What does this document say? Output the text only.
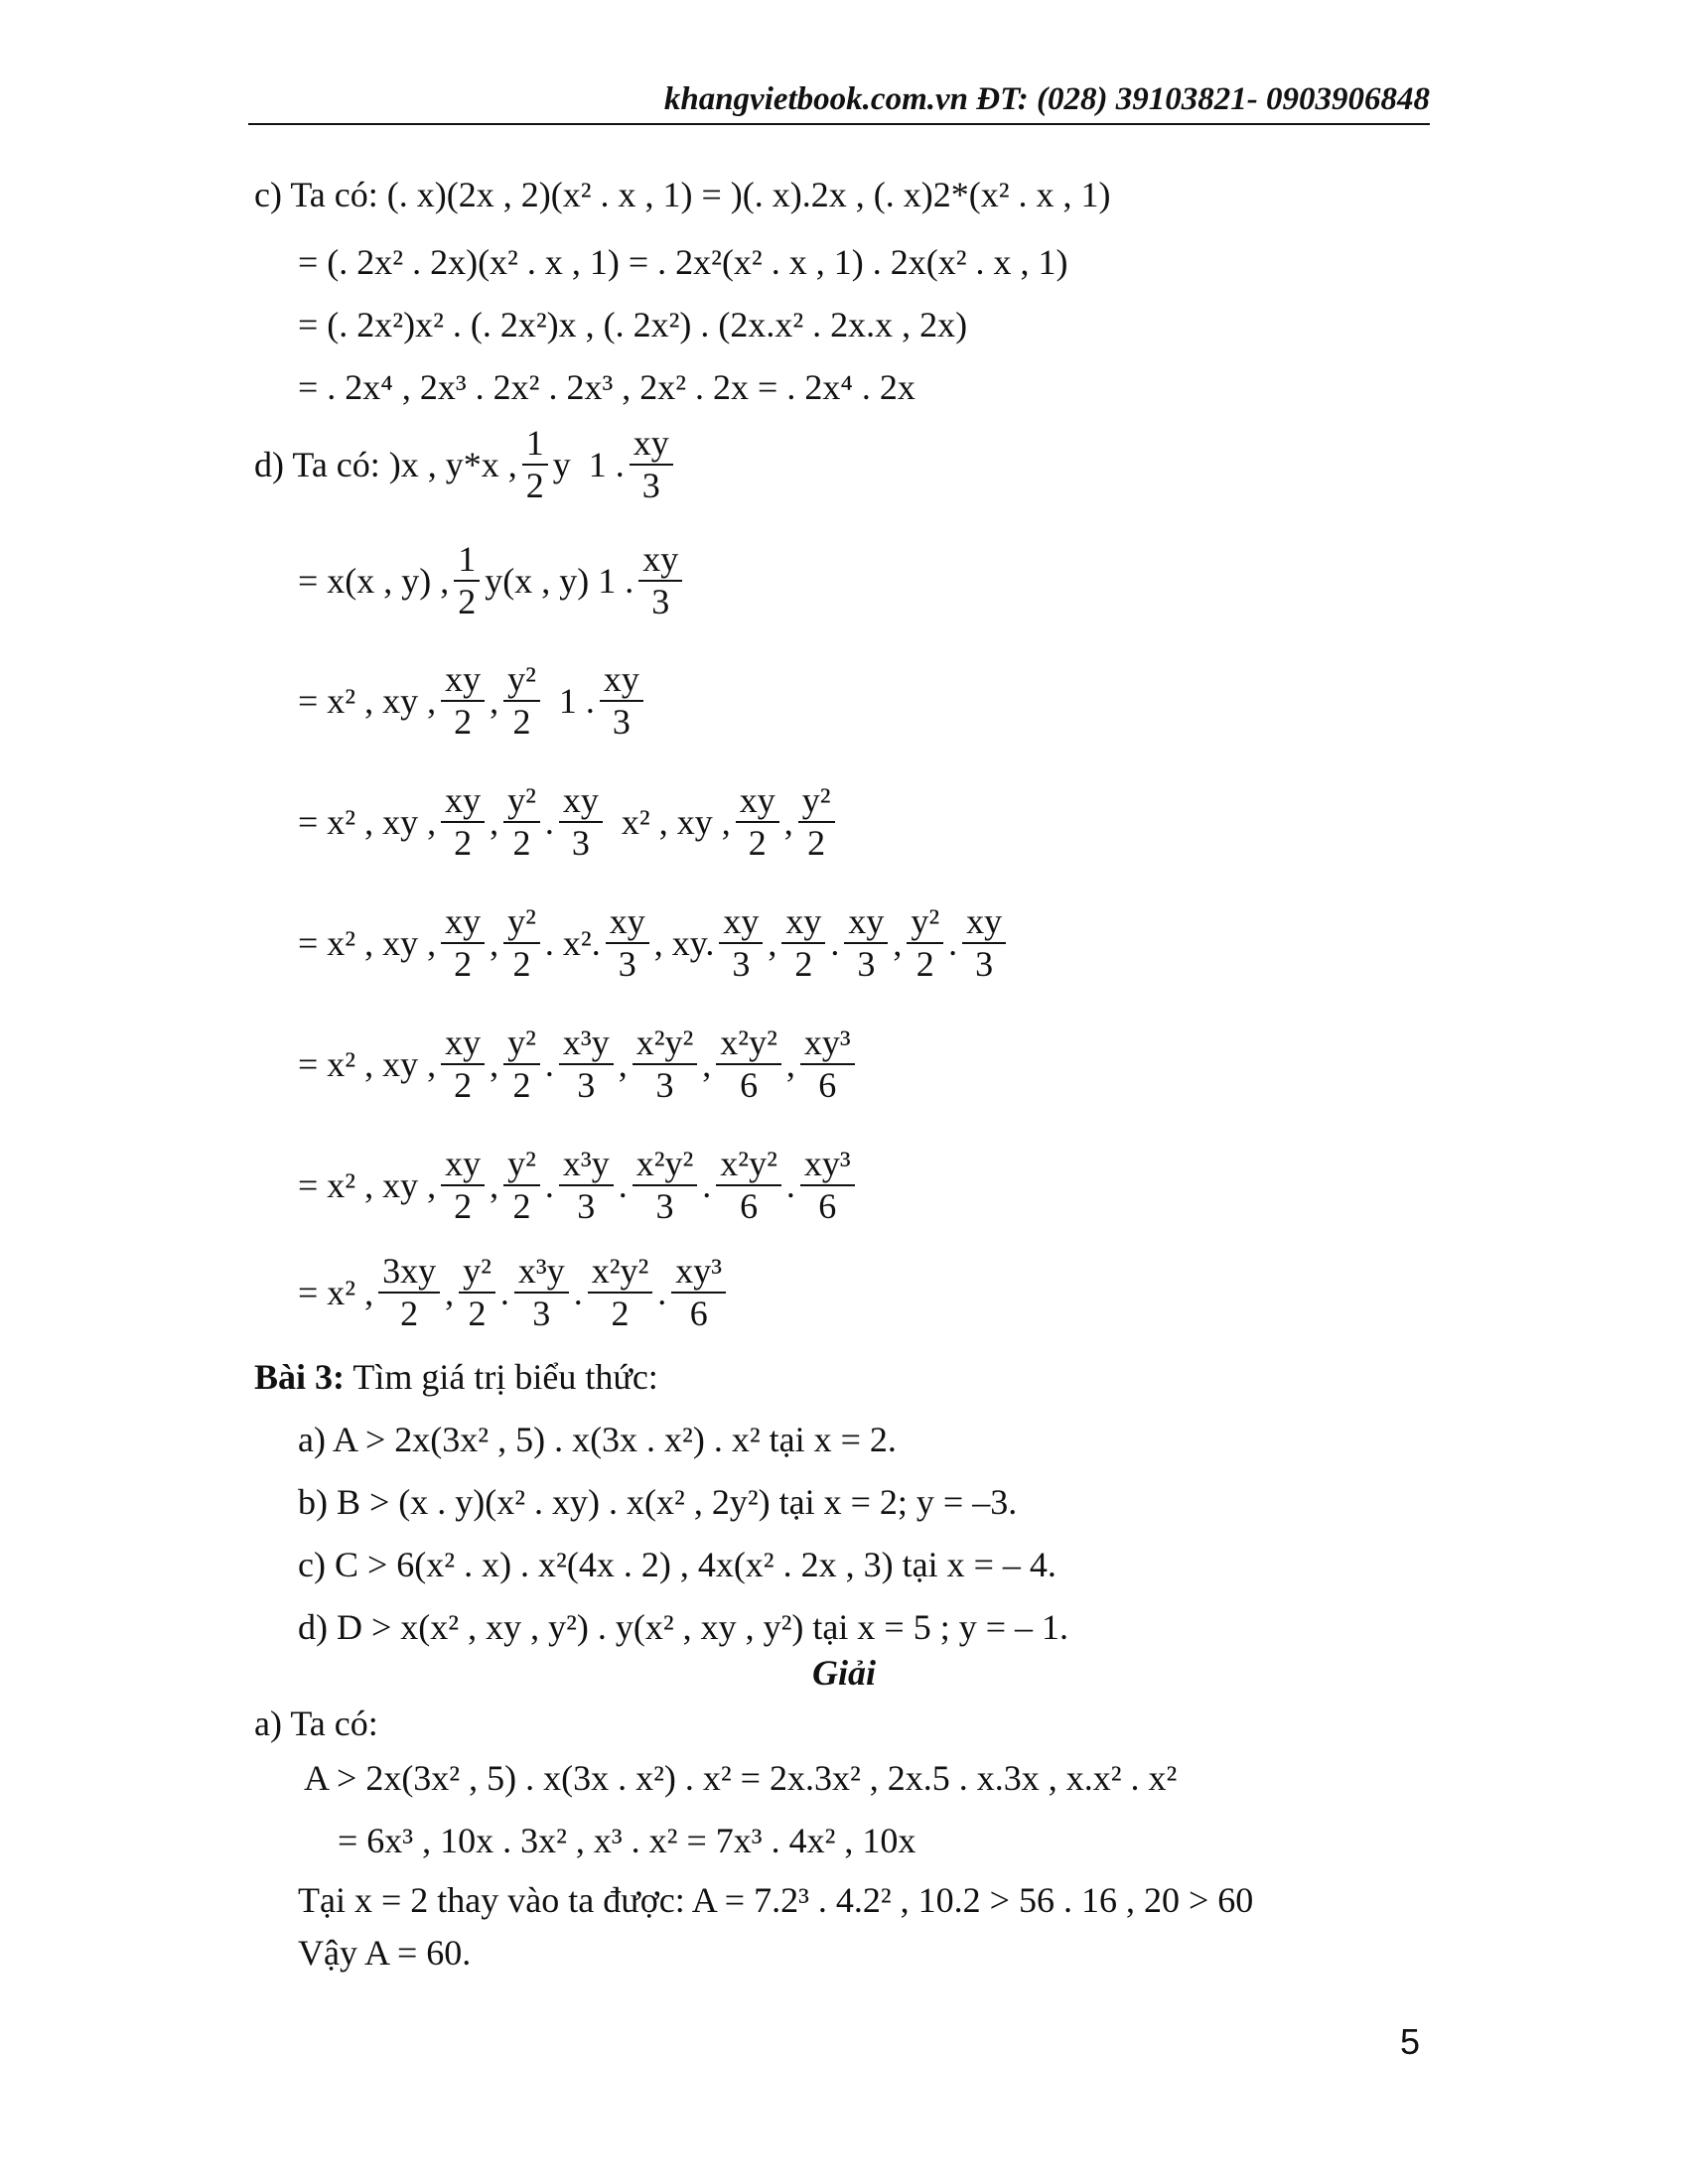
khangvietbook.com.vn ĐT: (028) 39103821- 0903906848
c) Ta có: (. x)(2x , 2)(x² . x , 1) = )(. x).2x , (. x)2*(x² . x , 1)
= (. 2x² . 2x)(x² . x , 1) = . 2x²(x² . x , 1) . 2x(x² . x , 1)
= (. 2x²)x² . (. 2x²)x , (. 2x²) . (2x.x² . 2x.x , 2x)
= . 2x⁴ , 2x³ . 2x² . 2x³ , 2x² . 2x = . 2x⁴ . 2x
d) Ta có: )x , y* x , $\frac{1}{2}$ y 1 . $\frac{xy}{3}$
= x(x , y) , $\frac{1}{2} y(x$ , y) 1 . $\frac{xy}{3}$
= x² , xy , $\frac{xy}{2}$ , $\frac{\text{y²}}{2} 1$ . $\frac{xy}{3}$
= x² , xy , $\frac{xy}{2}$ , $\frac{\text{y²}}{2}$ . $\frac{xy}{3} x^2$ , xy , $\frac{xy}{2}$ , $\frac{\text{y²}}{2}$
= x² , xy , $\frac{xy}{2}$ , $\frac{\text{y²}}{2}$ . x². $\frac{xy}{3}$ , xy. $\frac{xy}{3}$ , $\frac{xy}{2}$ . $\frac{xy}{3}$ , $\frac{\text{y²}}{2}$ . $\frac{xy}{3}$
= x² , xy , $\frac{xy}{2}$ , $\frac{\text{y²}}{2}$ . $\frac{\text{x³y}}{3}$ , $\frac{\text{x²y²}}{3}$ , $\frac{\text{x²y²}}{6}$ , $\frac{\text{xy³}}{6}$
= x² , xy , $\frac{xy}{2}$ , $\frac{\text{y²}}{2}$ . $\frac{\text{x³y}}{3}$ . $\frac{\text{x²y²}}{3}$ . $\frac{\text{x²y²}}{6}$ . $\frac{\text{xy³}}{6}$
= x² , $\frac{3xy}{2}$ , $\frac{\text{y²}}{2}$ . $\frac{\text{x³y}}{3}$ . $\frac{\text{x²y²}}{2}$ . $\frac{\text{xy³}}{6}$
Bài 3: Tìm giá trị biểu thức:
a) A > 2x(3x² , 5) . x(3x . x²) . x² tại x = 2.
b) B > (x . y)(x² . xy) . x(x² , 2y²) tại x = 2; y = –3.
c) C > 6(x² . x) . x²(4x . 2) , 4x(x² . 2x , 3) tại x = – 4.
d) D > x(x² , xy , y²) . y(x² , xy , y²) tại x = 5 ; y = – 1.
Giải
a) Ta có:
A > 2x(3x² , 5) . x(3x . x²) . x² = 2x.3x² , 2x.5 . x.3x , x.x² . x²
= 6x³ , 10x . 3x² , x³ . x² = 7x³ . 4x² , 10x
Tại x = 2 thay vào ta được: A = 7.2³ . 4.2² , 10.2 > 56 . 16 , 20 > 60
Vậy A = 60.
5
